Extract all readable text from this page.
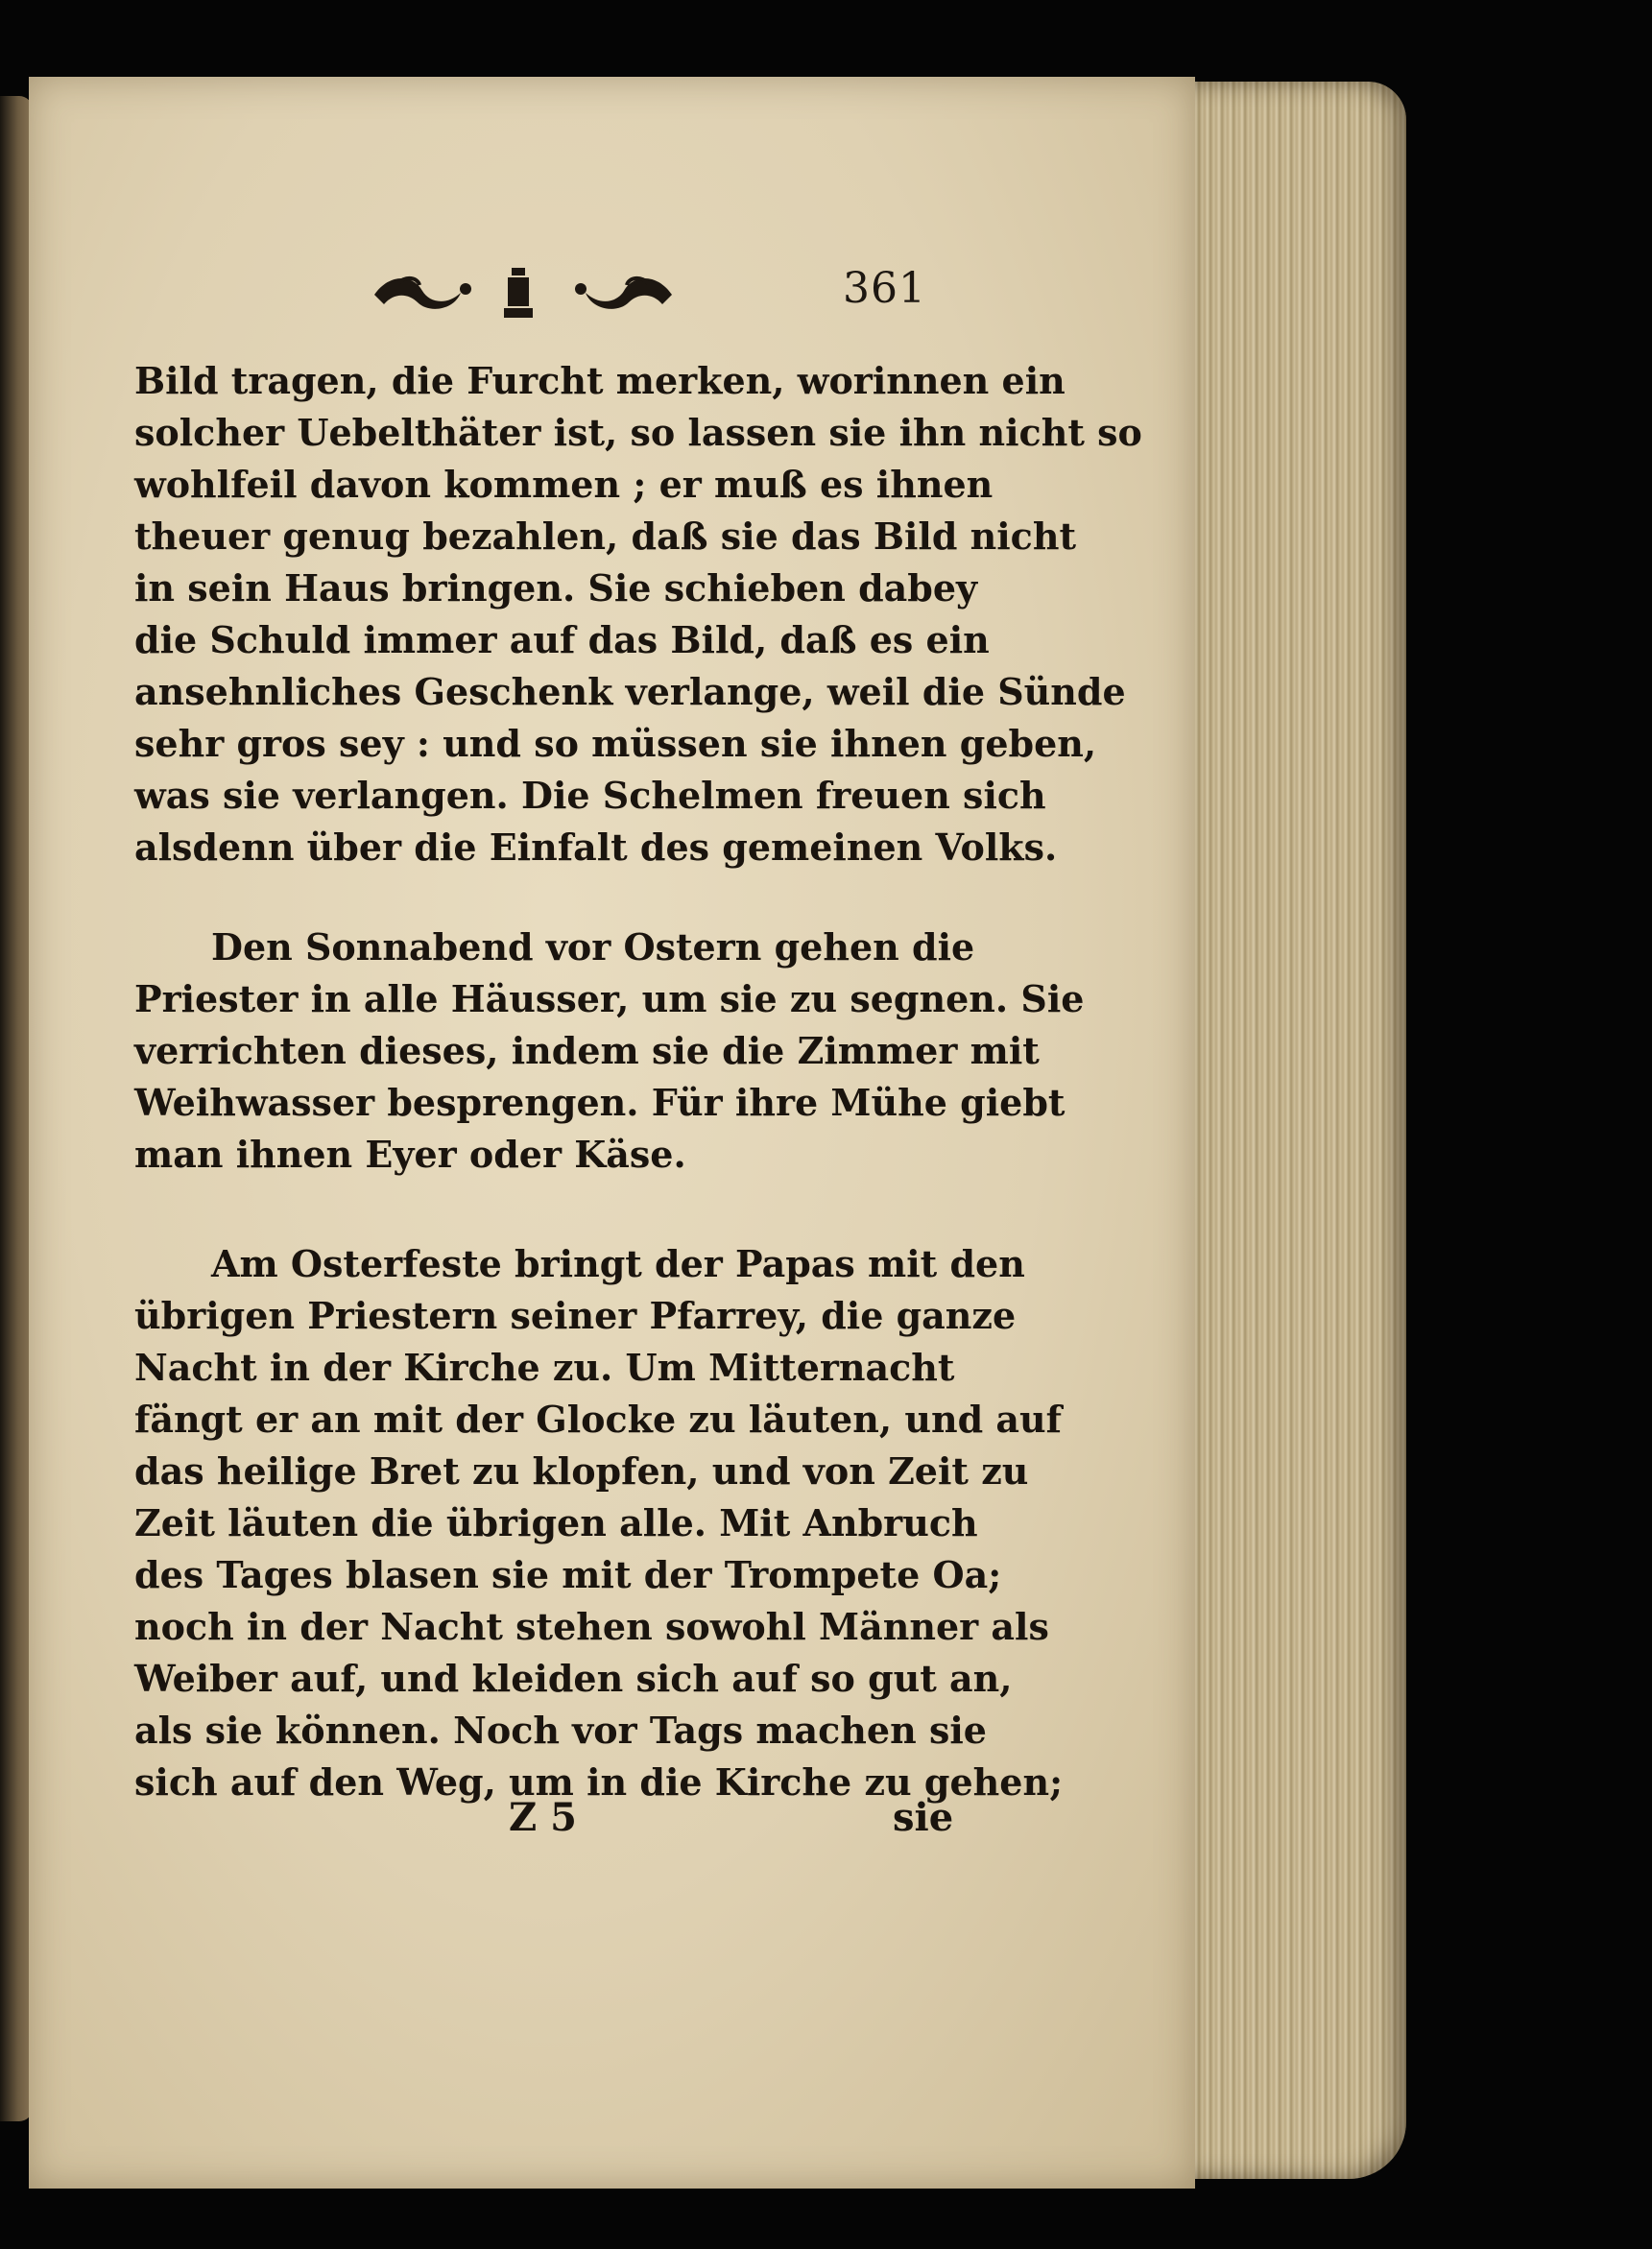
361
Bild tragen, die Furcht merken, worinnen ein
solcher Uebelthäter ist, so lassen sie ihn nicht so
wohlfeil davon kommen ; er muß es ihnen
theuer genug bezahlen, daß sie das Bild nicht
in sein Haus bringen. Sie schieben dabey
die Schuld immer auf das Bild, daß es ein
ansehnliches Geschenk verlange, weil die Sünde
sehr gros sey : und so müssen sie ihnen geben,
was sie verlangen. Die Schelmen freuen sich
alsdenn über die Einfalt des gemeinen Volks.
Den Sonnabend vor Ostern gehen die
Priester in alle Häusser, um sie zu segnen. Sie
verrichten dieses, indem sie die Zimmer mit
Weihwasser besprengen. Für ihre Mühe giebt
man ihnen Eyer oder Käse.
Am Osterfeste bringt der Papas mit den
übrigen Priestern seiner Pfarrey, die ganze
Nacht in der Kirche zu. Um Mitternacht
fängt er an mit der Glocke zu läuten, und auf
das heilige Bret zu klopfen, und von Zeit zu
Zeit läuten die übrigen alle. Mit Anbruch
des Tages blasen sie mit der Trompete Oa;
noch in der Nacht stehen sowohl Männer als
Weiber auf, und kleiden sich auf so gut an,
als sie können. Noch vor Tags machen sie
sich auf den Weg, um in die Kirche zu gehen;
Z 5	sie
